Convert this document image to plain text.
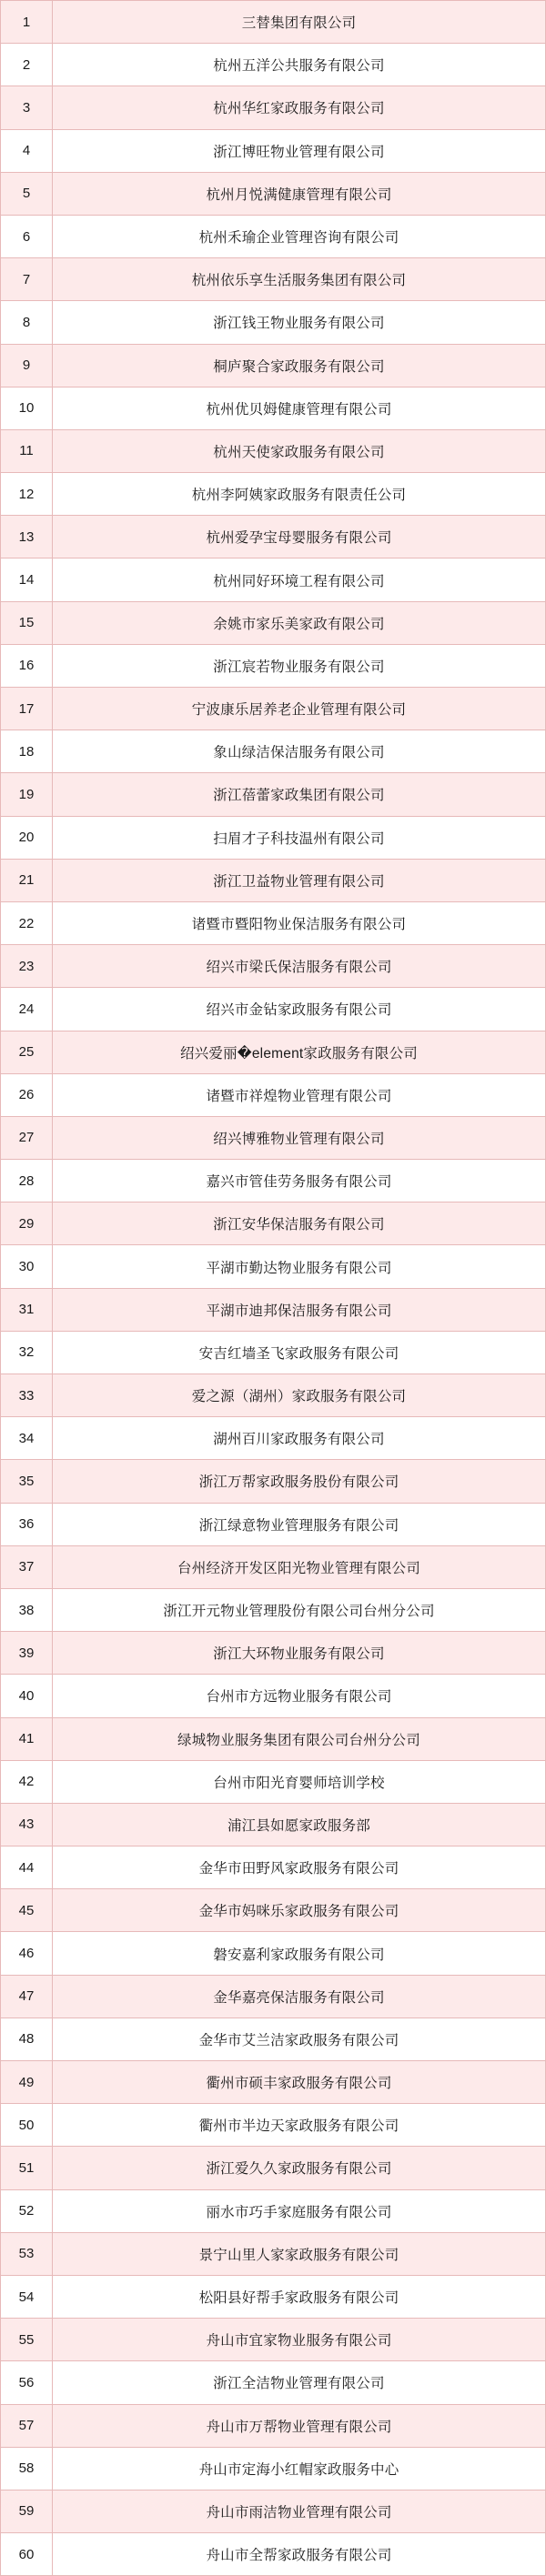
1	三替集团有限公司
2	杭州五洋公共服务有限公司
3	杭州华红家政服务有限公司
4	浙江博旺物业管理有限公司
5	杭州月悦满健康管理有限公司
6	杭州禾瑜企业管理咨询有限公司
7	杭州依乐享生活服务集团有限公司
8	浙江钱王物业服务有限公司
9	桐庐聚合家政服务有限公司
10	杭州优贝姆健康管理有限公司
11	杭州天使家政服务有限公司
12	杭州李阿姨家政服务有限责任公司
13	杭州爱孕宝母婴服务有限公司
14	杭州同好环境工程有限公司
15	余姚市家乐美家政有限公司
16	浙江宸若物业服务有限公司
17	宁波康乐居养老企业管理有限公司
18	象山绿洁保洁服务有限公司
19	浙江蓓蕾家政集团有限公司
20	扫眉才子科技温州有限公司
21	浙江卫益物业管理有限公司
22	诸暨市暨阳物业保洁服务有限公司
23	绍兴市梁氏保洁服务有限公司
24	绍兴市金钻家政服务有限公司
25	绍兴爱丽�element家政服务有限公司
26	诸暨市祥煌物业管理有限公司
27	绍兴博雅物业管理有限公司
28	嘉兴市管佳劳务服务有限公司
29	浙江安华保洁服务有限公司
30	平湖市勤达物业服务有限公司
31	平湖市迪邦保洁服务有限公司
32	安吉红墙圣飞家政服务有限公司
33	爱之源（湖州）家政服务有限公司
34	湖州百川家政服务有限公司
35	浙江万帮家政服务股份有限公司
36	浙江绿意物业管理服务有限公司
37	台州经济开发区阳光物业管理有限公司
38	浙江开元物业管理股份有限公司台州分公司
39	浙江大环物业服务有限公司
40	台州市方远物业服务有限公司
41	绿城物业服务集团有限公司台州分公司
42	台州市阳光育婴师培训学校
43	浦江县如愿家政服务部
44	金华市田野风家政服务有限公司
45	金华市妈咪乐家政服务有限公司
46	磐安嘉利家政服务有限公司
47	金华嘉亮保洁服务有限公司
48	金华市艾兰洁家政服务有限公司
49	衢州市硕丰家政服务有限公司
50	衢州市半边天家政服务有限公司
51	浙江爱久久家政服务有限公司
52	丽水市巧手家庭服务有限公司
53	景宁山里人家家政服务有限公司
54	松阳县好帮手家政服务有限公司
55	舟山市宜家物业服务有限公司
56	浙江全洁物业管理有限公司
57	舟山市万帮物业管理有限公司
58	舟山市定海小红帽家政服务中心
59	舟山市雨洁物业管理有限公司
60	舟山市全帮家政服务有限公司
